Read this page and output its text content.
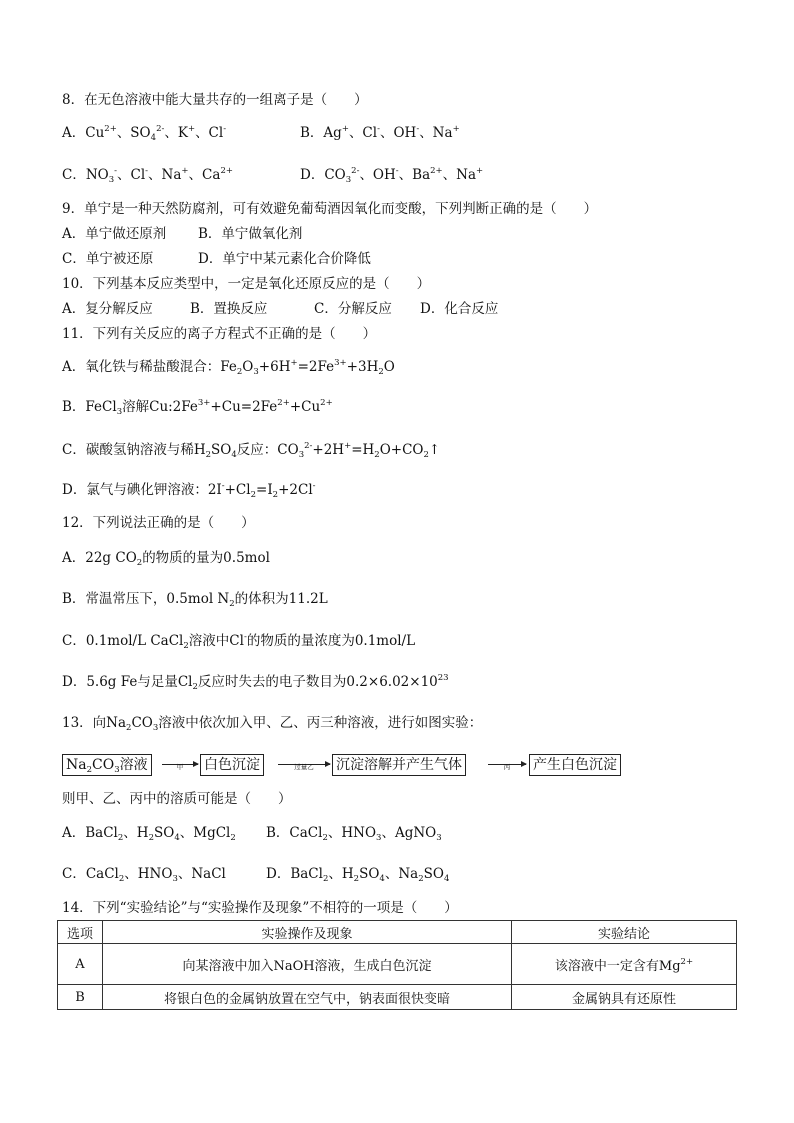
8．在无色溶液中能大量共存的一组离子是（　　）
A．$Cu^{2+}$、$SO_4^{2-}$、K+、Cl-	B．Ag+、Cl-、OH-、Na+
C．$NO_3^-$、Cl-、Na+、$Ca^{2+}$	D．$CO_3^{2-}$、OH-、$Ba^{2+}$、Na+
9．单宁是一种天然防腐剂，可有效避免葡萄酒因氧化而变酸，下列判断正确的是（　　）
A．单宁做还原剂 B．单宁做氧化剂
C．单宁被还原	D．单宁中某元素化合价降低
10．下列基本反应类型中，一定是氧化还原反应的是（　　）
A．复分解反应	B．置换反应	C．分解反应 D．化合反应
11．下列有关反应的离子方程式不正确的是（　　）
A．氧化铁与稀盐酸混合：$Fe_2O_3+6H^+=2Fe^{3+}+3H_2O$
B．FeCl$_3$溶解$Cu:2Fe^{3+}+Cu=2Fe^{2+}+Cu^{2+}$
C．碳酸氢钠溶液与稀$H_2SO_4$反应：$CO_3^{2-}+2H^+=H_2O+CO_2↑$
D．氯气与碘化钾溶液：$2I^-+Cl_2=I_2+2Cl^-$
12．下列说法正确的是（　　）
A．22g $CO_2$的物质的量为0.5mol
B．常温常压下，0.5mol $N_2$的体积为11.2L
C．0.1mol/L CaCl$_2$溶液中Cl-的物质的量浓度为0.1mol/L
D．5.6g Fe与足量$Cl_2$反应时失去的电子数目为$0.2\times 6.02\times 10^{23}$
13．向$Na_2CO_3$溶液中依次加入甲、乙、丙三种溶液，进行如图实验：
$Na_2CO_3$溶液	甲	白色沉淀	过量乙	沉淀溶解并产生气体	丙	产生白色沉淀
则甲、乙、丙中的溶质可能是（　　）
A．BaCl$_2$、$H_2SO_4$、MgCl$_2$ B．CaCl$_2$、$HNO_3$、AgNO$_3$
C．CaCl$_2$、$HNO_3$、NaCl	D．BaCl$_2$、$H_2SO_4$、$Na_2SO_4$
14．下列“实验结论”与“实验操作及现象”不相符的一项是（　　）
选项	实验操作及现象	实验结论
A	向某溶液中加入NaOH溶液，生成白色沉淀	该溶液中一定含有$Mg^{2+}$
B	将银白色的金属钠放置在空气中，钠表面很快变暗	金属钠具有还原性
